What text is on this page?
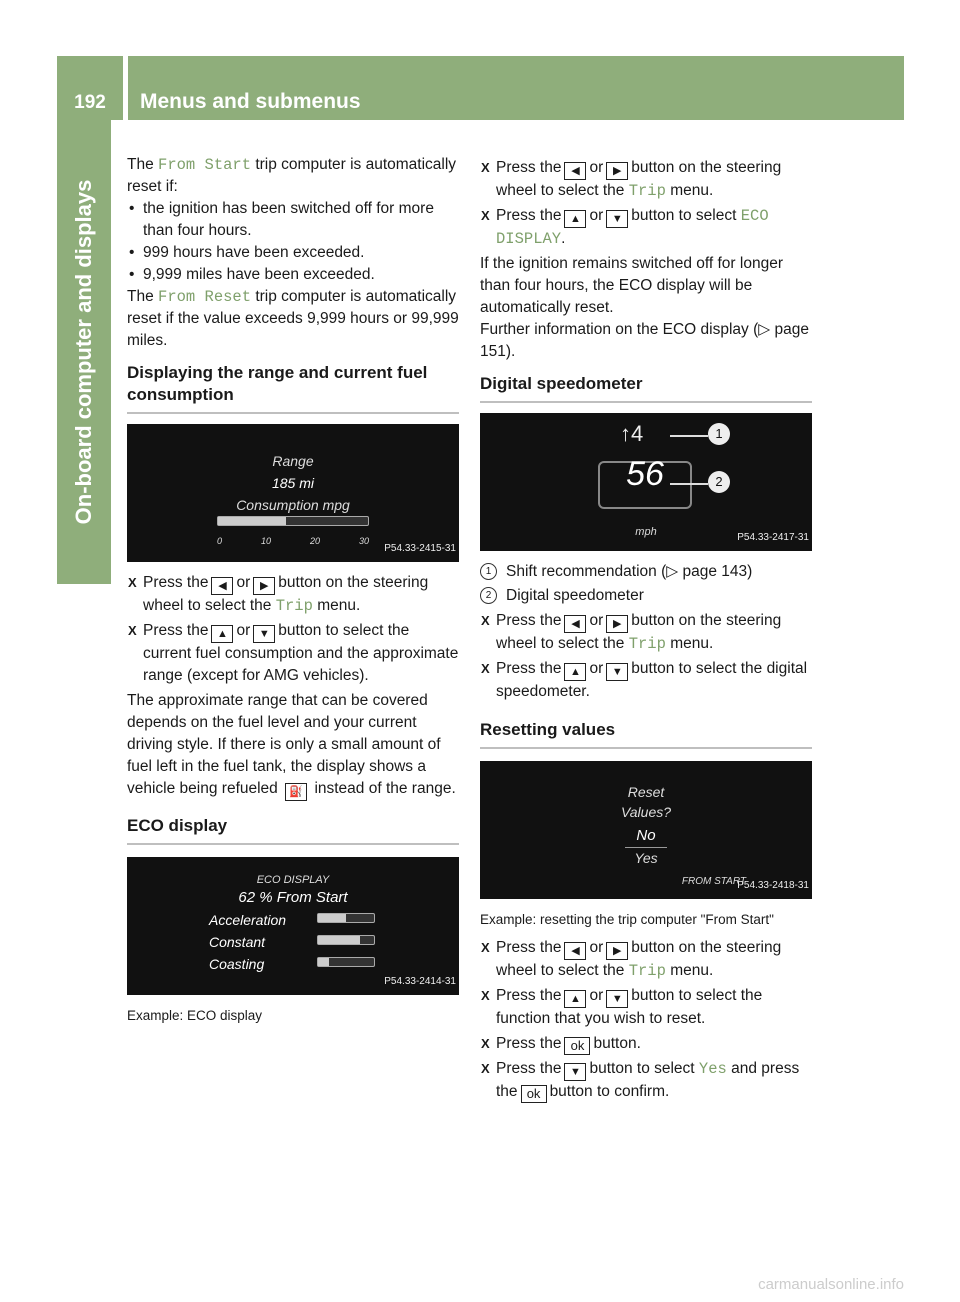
192	Menus and submenus
On-board computer and displays

The From Start trip computer is automatically reset if:

• the ignition has been switched off for more than four hours.

• 999 hours have been exceeded.

• 9,999 miles have been exceeded.

The From Reset trip computer is automatically reset if the value exceeds 9,999 hours or 99,999 miles.

Displaying the range and current fuel consumption
Range
185 mi
Consumption mpg
0	10	20	30
P54.33-2415-31

X Press the ◀ or ▶ button on the steering wheel to select the Trip menu.

X Press the ▲ or ▼ button to select the current fuel consumption and the approximate range (except for AMG vehicles).

The approximate range that can be covered depends on the fuel level and your current driving style. If there is only a small amount of fuel left in the fuel tank, the display shows a vehicle being refueled ⛽ instead of the range.

ECO display
ECO DISPLAY
62 % From Start
Acceleration
Constant
Coasting
P54.33-2414-31

Example: ECO display

X Press the ◀ or ▶ button on the steering wheel to select the Trip menu.

X Press the ▲ or ▼ button to select ECO DISPLAY.

If the ignition remains switched off for longer than four hours, the ECO display will be automatically reset.

Further information on the ECO display (▷ page 151).

Digital speedometer
↑4
56
1
2
mph	P54.33-2417-31

1 Shift recommendation (▷ page 143)

2 Digital speedometer

X Press the ◀ or ▶ button on the steering wheel to select the Trip menu.

X Press the ▲ or ▼ button to select the digital speedometer.

Resetting values
Reset
Values?
No
Yes
FROM START
P54.33-2418-31

Example: resetting the trip computer "From Start"

X Press the ◀ or ▶ button on the steering wheel to select the Trip menu.

X Press the ▲ or ▼ button to select the function that you wish to reset.

X Press the ok button.

X Press the ▼ button to select Yes and press the ok button to confirm.

carmanualsonline.info
